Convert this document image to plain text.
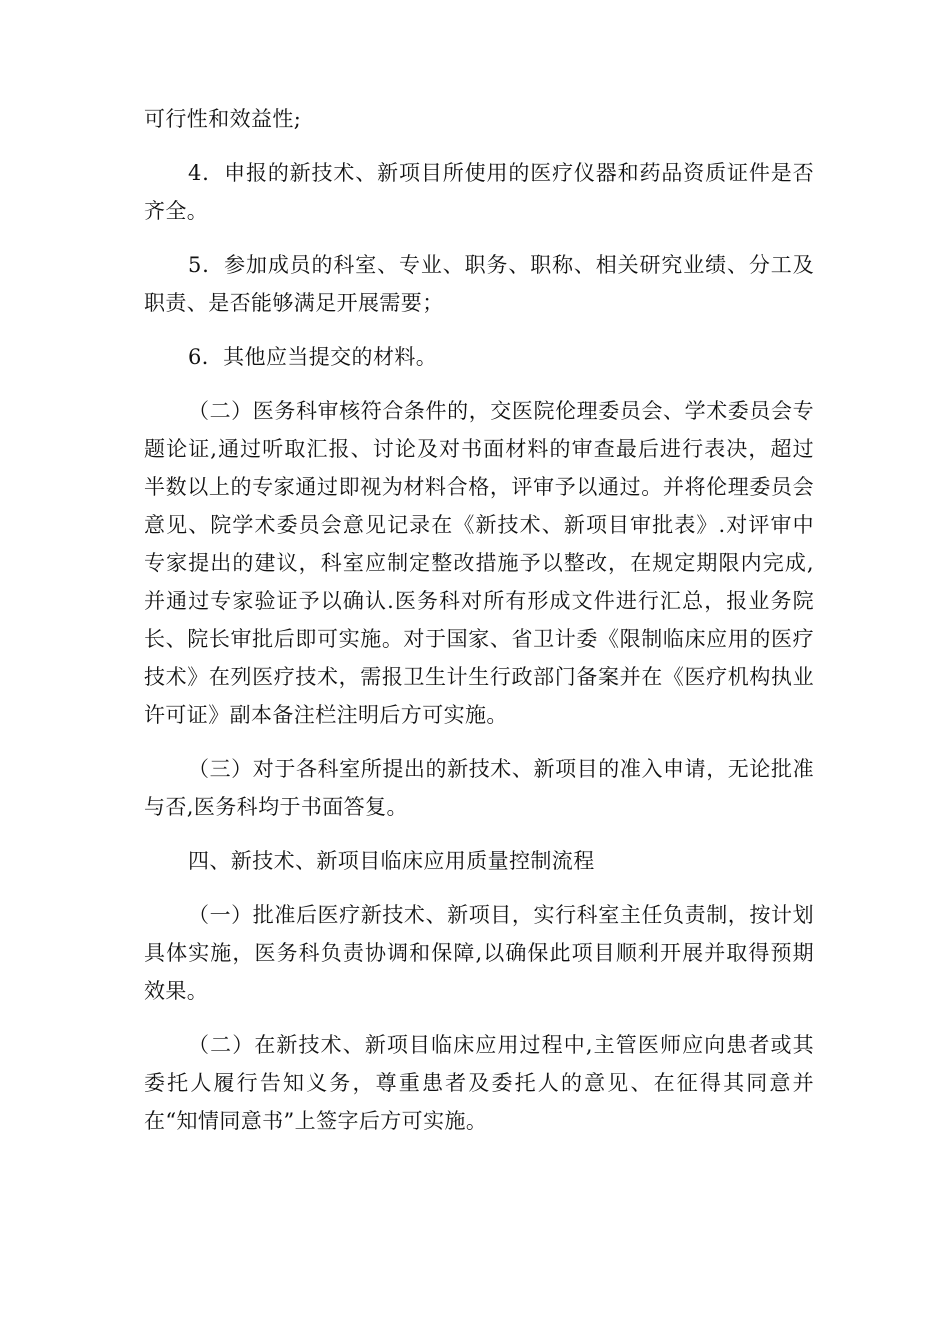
可行性和效益性;

4．申报的新技术、新项目所使用的医疗仪器和药品资质证件是否齐全。

5．参加成员的科室、专业、职务、职称、相关研究业绩、分工及职责、是否能够满足开展需要；

6．其他应当提交的材料。

（二）医务科审核符合条件的，交医院伦理委员会、学术委员会专题论证,通过听取汇报、讨论及对书面材料的审查最后进行表决，超过半数以上的专家通过即视为材料合格，评审予以通过。并将伦理委员会意见、院学术委员会意见记录在《新技术、新项目审批表》.对评审中专家提出的建议，科室应制定整改措施予以整改，在规定期限内完成,并通过专家验证予以确认.医务科对所有形成文件进行汇总，报业务院长、院长审批后即可实施。对于国家、省卫计委《限制临床应用的医疗技术》在列医疗技术，需报卫生计生行政部门备案并在《医疗机构执业许可证》副本备注栏注明后方可实施。

（三）对于各科室所提出的新技术、新项目的准入申请，无论批准与否,医务科均于书面答复。

四、新技术、新项目临床应用质量控制流程

（一）批准后医疗新技术、新项目，实行科室主任负责制，按计划具体实施，医务科负责协调和保障,以确保此项目顺利开展并取得预期效果。

（二）在新技术、新项目临床应用过程中,主管医师应向患者或其委托人履行告知义务，尊重患者及委托人的意见、在征得其同意并在“知情同意书”上签字后方可实施。
